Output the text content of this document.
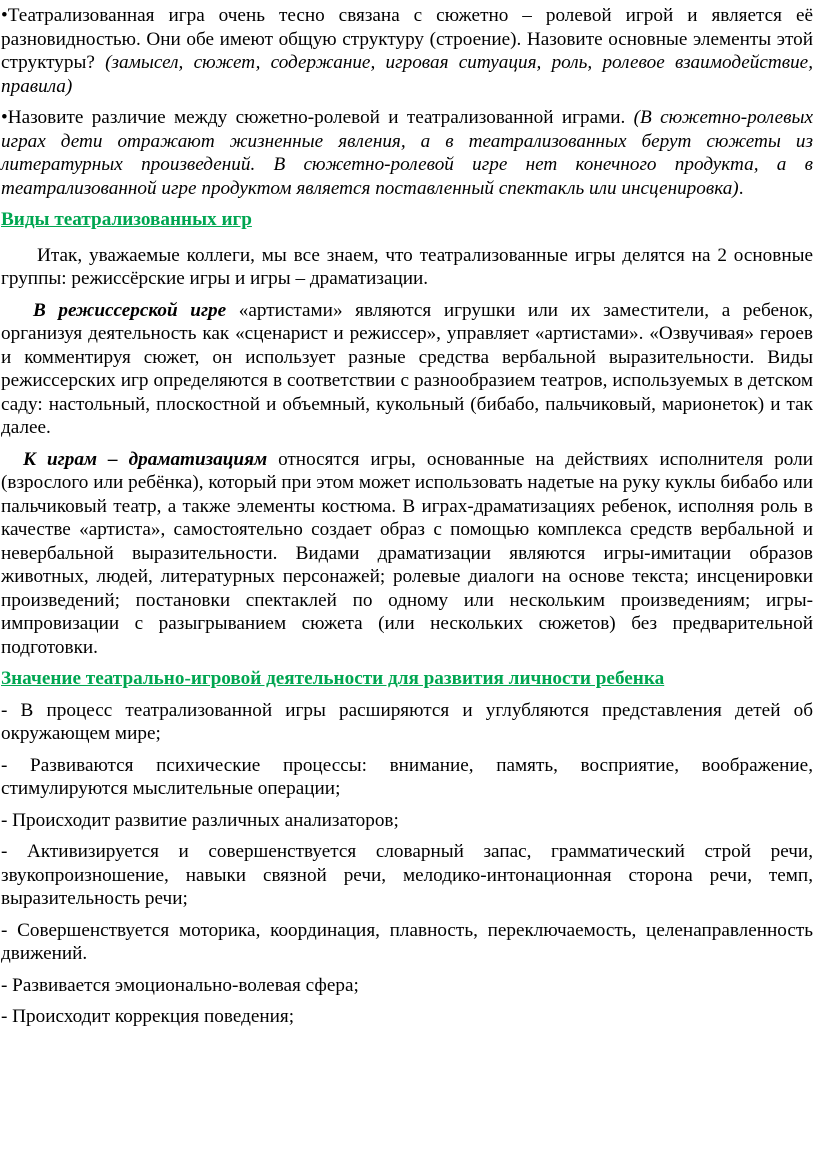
•Театрализованная игра очень тесно связана с сюжетно – ролевой игрой и является её разновидностью. Они обе имеют общую структуру (строение). Назовите основные элементы этой структуры? (замысел, сюжет, содержание, игровая ситуация, роль, ролевое взаимодействие, правила)

•Назовите различие между сюжетно-ролевой и театрализованной играми. (В сюжетно-ролевых играх дети отражают жизненные явления, а в театрализованных берут сюжеты из литературных произведений. В сюжетно-ролевой игре нет конечного продукта, а в театрализованной игре продуктом является поставленный спектакль или инсценировка).

Виды театрализованных игр

Итак, уважаемые коллеги, мы все знаем, что театрализованные игры делятся на 2 основные группы: режиссёрские игры и игры – драматизации.

В режиссерской игре «артистами» являются игрушки или их заместители, а ребенок, организуя деятельность как «сценарист и режиссер», управляет «артистами». «Озвучивая» героев и комментируя сюжет, он использует разные средства вербальной выразительности. Виды режиссерских игр определяются в соответствии с разнообразием театров, используемых в детском саду: настольный, плоскостной и объемный, кукольный (бибабо, пальчиковый, марионеток) и так далее.

К играм – драматизациям относятся игры, основанные на действиях исполнителя роли (взрослого или ребёнка), который при этом может использовать надетые на руку куклы бибабо или пальчиковый театр, а также элементы костюма. В играх-драматизациях ребенок, исполняя роль в качестве «артиста», самостоятельно создает образ с помощью комплекса средств вербальной и невербальной выразительности. Видами драматизации являются игры-имитации образов животных, людей, литературных персонажей; ролевые диалоги на основе текста; инсценировки произведений; постановки спектаклей по одному или нескольким произведениям; игры-импровизации с разыгрыванием сюжета (или нескольких сюжетов) без предварительной подготовки.

Значение театрально-игровой деятельности для развития личности ребенка

- В процесс театрализованной игры расширяются и углубляются представления детей об окружающем мире;

- Развиваются психические процессы: внимание, память, восприятие, воображение, стимулируются мыслительные операции;

- Происходит развитие различных анализаторов;

- Активизируется и совершенствуется словарный запас, грамматический строй речи, звукопроизношение, навыки связной речи, мелодико-интонационная сторона речи, темп, выразительность речи;

- Совершенствуется моторика, координация, плавность, переключаемость, целенаправленность движений.

- Развивается эмоционально-волевая сфера;

- Происходит коррекция поведения;
